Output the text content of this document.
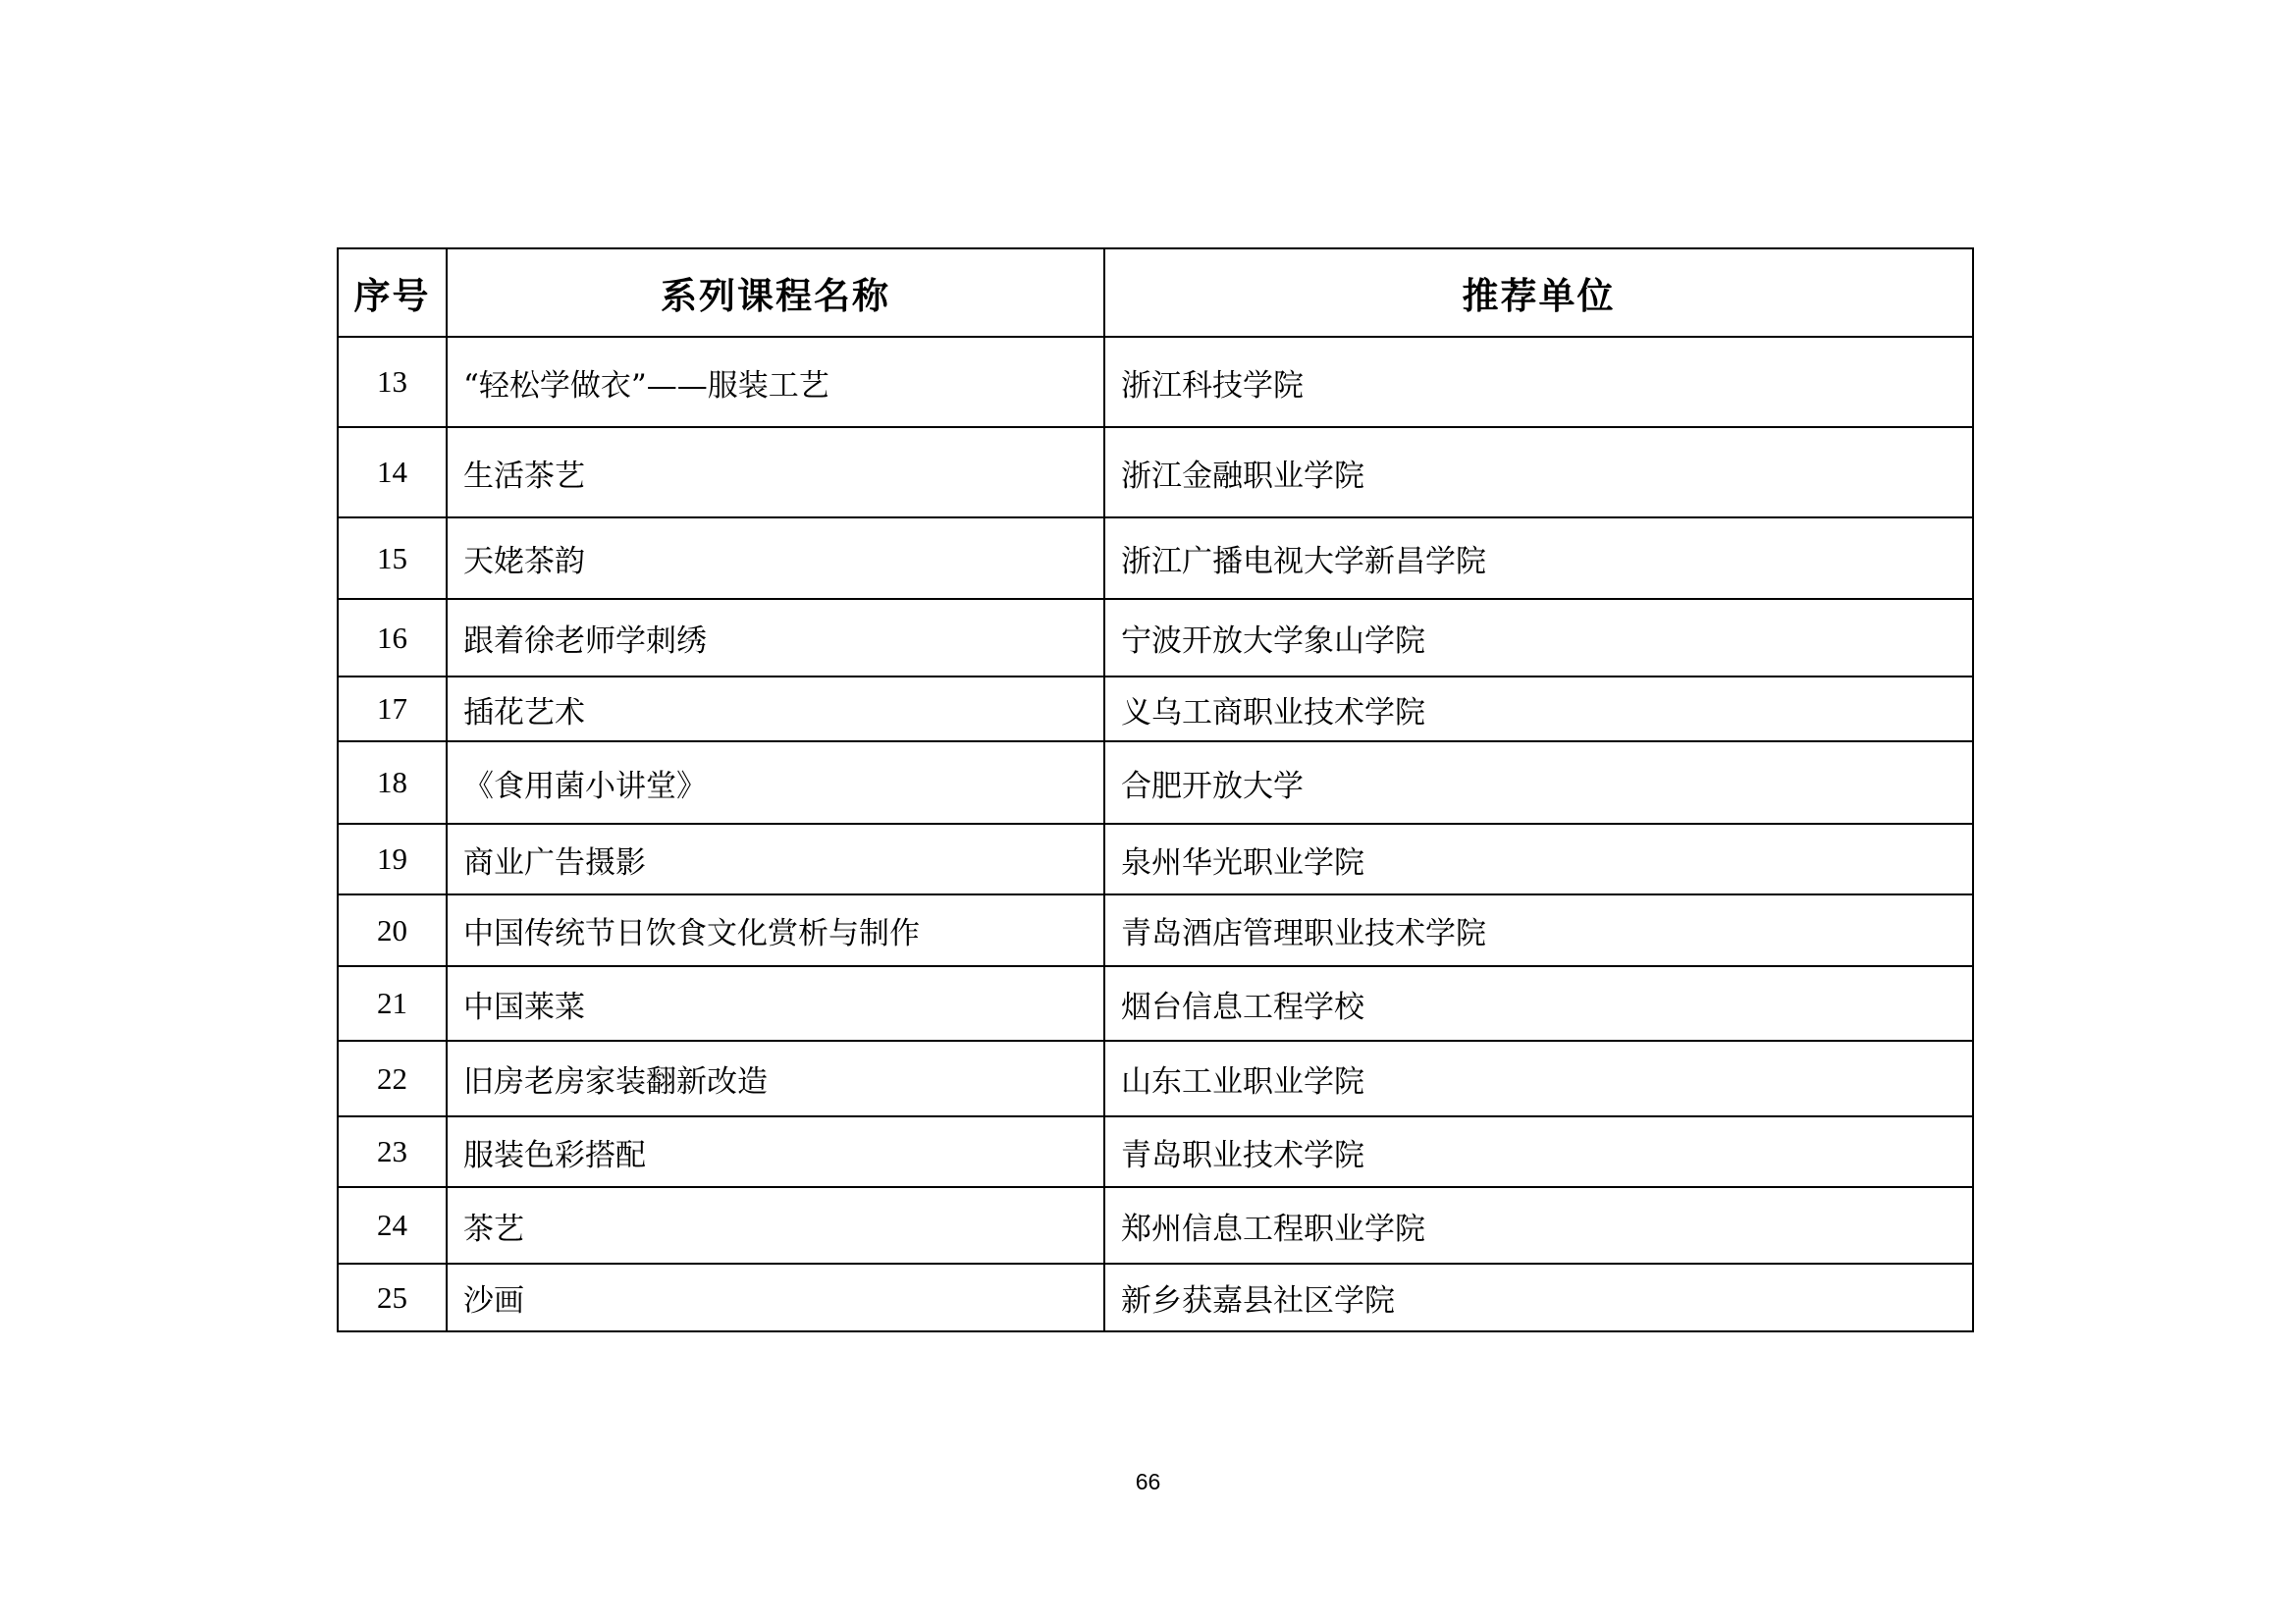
序号	系列课程名称	推荐单位
13	“轻松学做衣”——服装工艺	浙江科技学院
14	生活茶艺	浙江金融职业学院
15	天姥茶韵	浙江广播电视大学新昌学院
16	跟着徐老师学刺绣	宁波开放大学象山学院
17	插花艺术	义乌工商职业技术学院
18	《食用菌小讲堂》	合肥开放大学
19	商业广告摄影	泉州华光职业学院
20	中国传统节日饮食文化赏析与制作	青岛酒店管理职业技术学院
21	中国莱菜	烟台信息工程学校
22	旧房老房家装翻新改造	山东工业职业学院
23	服装色彩搭配	青岛职业技术学院
24	茶艺	郑州信息工程职业学院
25	沙画	新乡获嘉县社区学院
66
